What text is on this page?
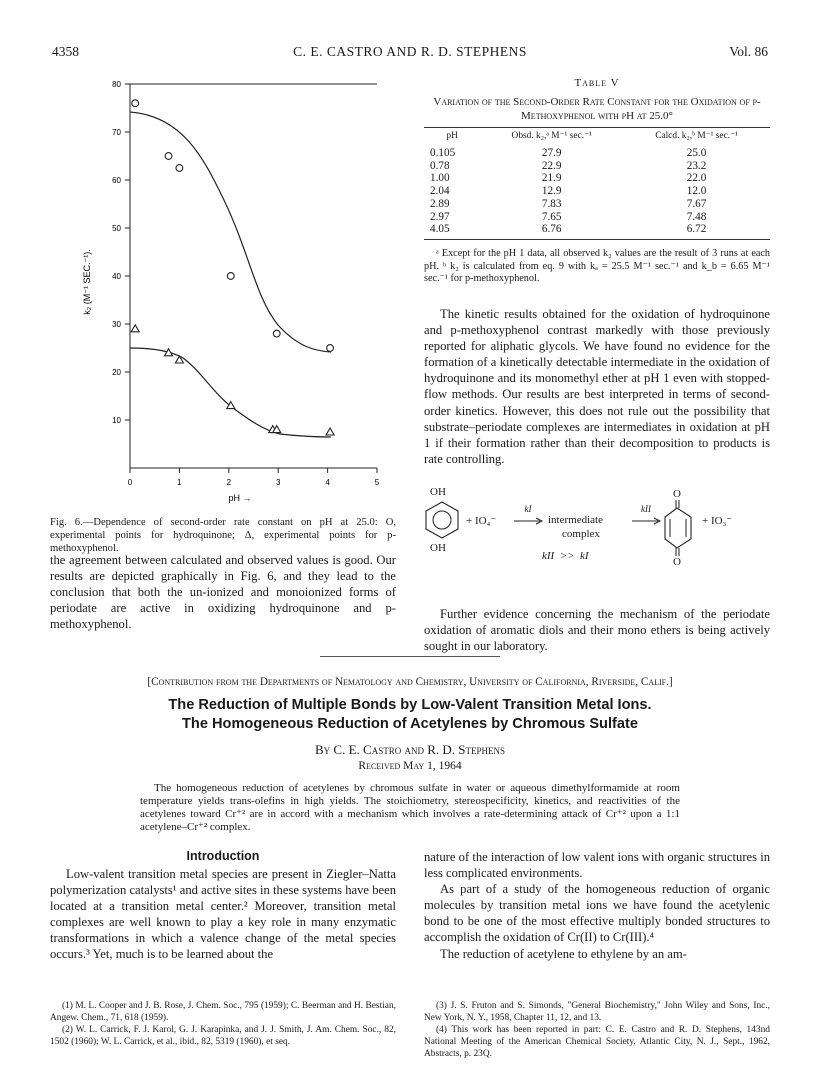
4358	C. E. CASTRO AND R. D. STEPHENS	Vol. 86
0	1	2	3	4	5
10
20
30
40
50
60
70
80
k₂ (M⁻¹ SEC.⁻¹).
pH →
Fig. 6.—Dependence of second-order rate constant on pH at 25.0: O, experimental points for hydroquinone; Δ, experimental points for p-methoxyphenol.

the agreement between calculated and observed values is good. Our results are depicted graphically in Fig. 6, and they lead to the conclusion that both the un-ionized and monoionized forms of periodate are active in oxidizing hydroquinone and p-methoxyphenol.

Table V
Variation of the Second-Order Rate Constant for the Oxidation of p-Methoxyphenol with pH at 25.0°
pH	Obsd. k₂,ᵃ M⁻¹ sec.⁻¹	Calcd. k₂,ᵇ M⁻¹ sec.⁻¹
0.105	27.9	25.0
0.78	22.9	23.2
1.00	21.9	22.0
2.04	12.9	12.0
2.89	7.83	7.67
2.97	7.65	7.48
4.05	6.76	6.72
ᵃ Except for the pH 1 data, all observed k₂ values are the result of 3 runs at each pH. ᵇ k₂ is calculated from eq. 9 with kₐ = 25.5 M⁻¹ sec.⁻¹ and k_b = 6.65 M⁻¹ sec.⁻¹ for p-methoxyphenol.

The kinetic results obtained for the oxidation of hydroquinone and p-methoxyphenol contrast markedly with those previously reported for aliphatic glycols. We have found no evidence for the formation of a kinetically detectable intermediate in the oxidation of hydroquinone and its monomethyl ether at pH 1 even with stopped-flow methods. Our results are best interpreted in terms of second-order kinetics. However, this does not rule out the possibility that substrate–periodate complexes are intermediates in oxidation at pH 1 if their formation rather than their decomposition to products is rate controlling.

OH
OH
+ IO₄⁻
kI
intermediate
complex
kII
O
O
+ IO₃⁻
kII  >>  kI

Further evidence concerning the mechanism of the periodate oxidation of aromatic diols and their mono ethers is being actively sought in our laboratory.

[Contribution from the Departments of Nematology and Chemistry, University of California, Riverside, Calif.]
The Reduction of Multiple Bonds by Low-Valent Transition Metal Ions.
The Homogeneous Reduction of Acetylenes by Chromous Sulfate
By C. E. Castro and R. D. Stephens
Received May 1, 1964
The homogeneous reduction of acetylenes by chromous sulfate in water or aqueous dimethylformamide at room temperature yields trans-olefins in high yields. The stoichiometry, stereospecificity, kinetics, and reactivities of the acetylenes toward Cr⁺² are in accord with a mechanism which involves a rate-determining attack of Cr⁺² upon a 1:1 acetylene–Cr⁺² complex.
Introduction

Low-valent transition metal species are present in Ziegler–Natta polymerization catalysts¹ and active sites in these systems have been located at a transition metal center.² Moreover, transition metal complexes are well known to play a key role in many enzymatic transformations in which a valence change of the metal species occurs.³ Yet, much is to be learned about the

nature of the interaction of low valent ions with organic structures in less complicated environments.

As part of a study of the homogeneous reduction of organic molecules by transition metal ions we have found the acetylenic bond to be one of the most effective multiply bonded structures to accomplish the oxidation of Cr(II) to Cr(III).⁴

The reduction of acetylene to ethylene by an am-

(1) M. L. Cooper and J. B. Rose, J. Chem. Soc., 795 (1959); C. Beerman and H. Bestian, Angew. Chem., 71, 618 (1959).
(2) W. L. Carrick, F. J. Karol, G. J. Karapinka, and J. J. Smith, J. Am. Chem. Soc., 82, 1502 (1960); W. L. Carrick, et al., ibid., 82, 5319 (1960), et seq.
(3) J. S. Fruton and S. Simonds, "General Biochemistry," John Wiley and Sons, Inc., New York, N. Y., 1958, Chapter 11, 12, and 13.
(4) This work has been reported in part: C. E. Castro and R. D. Stephens, 143nd National Meeting of the American Chemical Society, Atlantic City, N. J., Sept., 1962, Abstracts, p. 23Q.
